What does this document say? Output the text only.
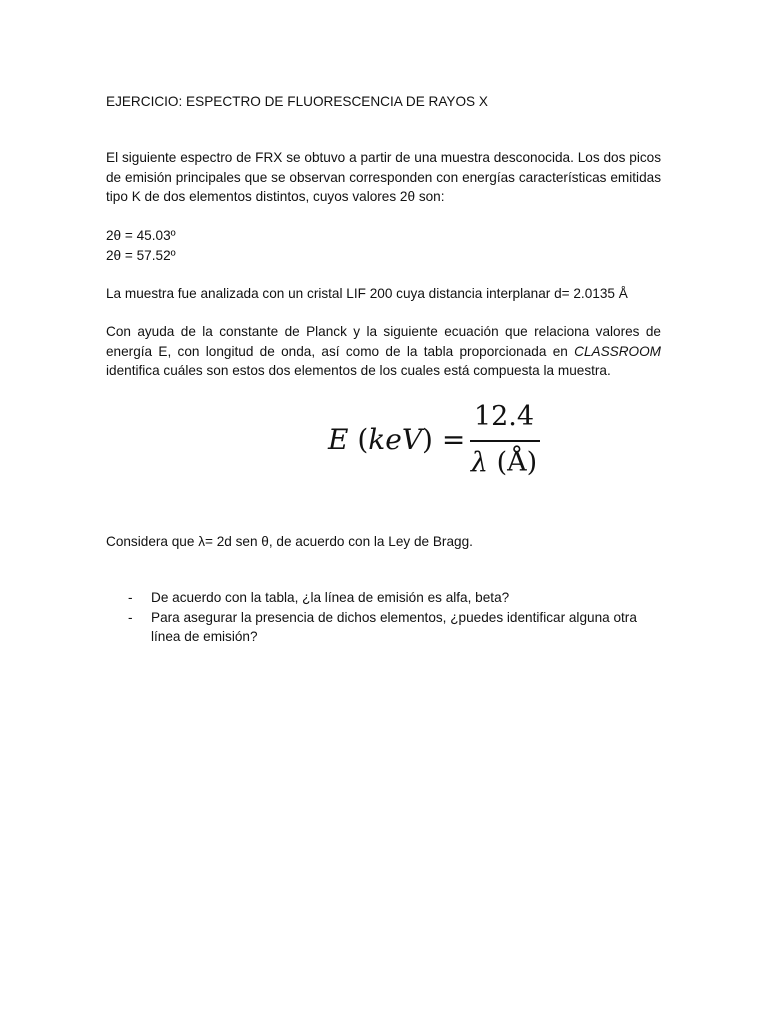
EJERCICIO: ESPECTRO DE FLUORESCENCIA DE RAYOS X

El siguiente espectro de FRX se obtuvo a partir de una muestra desconocida. Los dos picos de emisión principales que se observan corresponden con energías características emitidas tipo K de dos elementos distintos, cuyos valores 2θ son:

2θ = 45.03º

2θ = 57.52º

La muestra fue analizada con un cristal LIF 200 cuya distancia interplanar d= 2.0135 Å

Con ayuda de la constante de Planck y la siguiente ecuación que relaciona valores de energía E, con longitud de onda, así como de la tabla proporcionada en CLASSROOM identifica cuáles son estos dos elementos de los cuales está compuesta la muestra.

E (keV) =
12.4
λ (Å)

Considera que λ= 2d sen θ, de acuerdo con la Ley de Bragg.

- De acuerdo con la tabla, ¿la línea de emisión es alfa, beta?
- Para asegurar la presencia de dichos elementos, ¿puedes identificar alguna otra línea de emisión?
